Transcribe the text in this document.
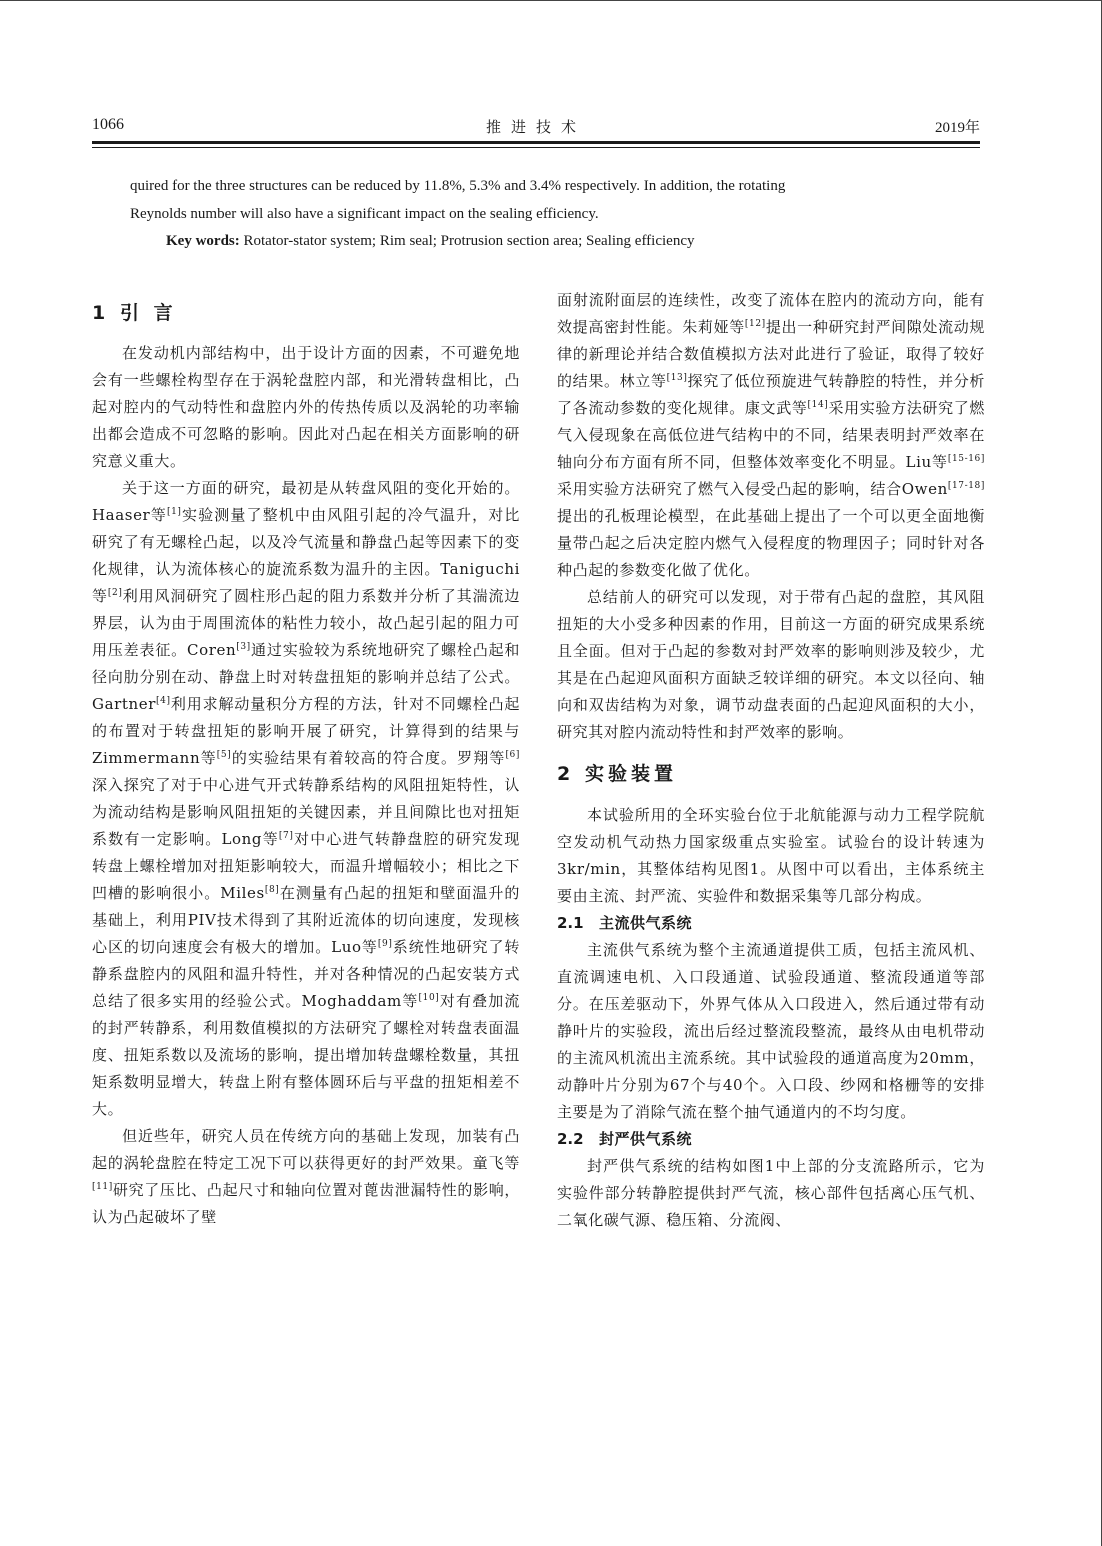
1066	推进技术	2019年

quired for the three structures can be reduced by 11.8%, 5.3% and 3.4% respectively. In addition, the rotating

Reynolds number will also have a significant impact on the sealing efficiency.

Key words: Rotator-stator system; Rim seal; Protrusion section area; Sealing efficiency
1 引 言

在发动机内部结构中，出于设计方面的因素，不可避免地会有一些螺栓构型存在于涡轮盘腔内部，和光滑转盘相比，凸起对腔内的气动特性和盘腔内外的传热传质以及涡轮的功率输出都会造成不可忽略的影响。因此对凸起在相关方面影响的研究意义重大。

关于这一方面的研究，最初是从转盘风阻的变化开始的。Haaser等[1]实验测量了整机中由风阻引起的冷气温升，对比研究了有无螺栓凸起，以及冷气流量和静盘凸起等因素下的变化规律，认为流体核心的旋流系数为温升的主因。Taniguchi等[2]利用风洞研究了圆柱形凸起的阻力系数并分析了其湍流边界层，认为由于周围流体的粘性力较小，故凸起引起的阻力可用压差表征。Coren[3]通过实验较为系统地研究了螺栓凸起和径向肋分别在动、静盘上时对转盘扭矩的影响并总结了公式。Gartner[4]利用求解动量积分方程的方法，针对不同螺栓凸起的布置对于转盘扭矩的影响开展了研究，计算得到的结果与Zimmermann等[5]的实验结果有着较高的符合度。罗翔等[6]深入探究了对于中心进气开式转静系结构的风阻扭矩特性，认为流动结构是影响风阻扭矩的关键因素，并且间隙比也对扭矩系数有一定影响。Long等[7]对中心进气转静盘腔的研究发现转盘上螺栓增加对扭矩影响较大，而温升增幅较小；相比之下凹槽的影响很小。Miles[8]在测量有凸起的扭矩和壁面温升的基础上，利用PIV技术得到了其附近流体的切向速度，发现核心区的切向速度会有极大的增加。Luo等[9]系统性地研究了转静系盘腔内的风阻和温升特性，并对各种情况的凸起安装方式总结了很多实用的经验公式。Moghaddam等[10]对有叠加流的封严转静系，利用数值模拟的方法研究了螺栓对转盘表面温度、扭矩系数以及流场的影响，提出增加转盘螺栓数量，其扭矩系数明显增大，转盘上附有整体圆环后与平盘的扭矩相差不大。

但近些年，研究人员在传统方向的基础上发现，加装有凸起的涡轮盘腔在特定工况下可以获得更好的封严效果。童飞等[11]研究了压比、凸起尺寸和轴向位置对蓖齿泄漏特性的影响，认为凸起破坏了壁

面射流附面层的连续性，改变了流体在腔内的流动方向，能有效提高密封性能。朱莉娅等[12]提出一种研究封严间隙处流动规律的新理论并结合数值模拟方法对此进行了验证，取得了较好的结果。林立等[13]探究了低位预旋进气转静腔的特性，并分析了各流动参数的变化规律。康文武等[14]采用实验方法研究了燃气入侵现象在高低位进气结构中的不同，结果表明封严效率在轴向分布方面有所不同，但整体效率变化不明显。Liu等[15-16]采用实验方法研究了燃气入侵受凸起的影响，结合Owen[17-18]提出的孔板理论模型，在此基础上提出了一个可以更全面地衡量带凸起之后决定腔内燃气入侵程度的物理因子；同时针对各种凸起的参数变化做了优化。

总结前人的研究可以发现，对于带有凸起的盘腔，其风阻扭矩的大小受多种因素的作用，目前这一方面的研究成果系统且全面。但对于凸起的参数对封严效率的影响则涉及较少，尤其是在凸起迎风面积方面缺乏较详细的研究。本文以径向、轴向和双齿结构为对象，调节动盘表面的凸起迎风面积的大小，研究其对腔内流动特性和封严效率的影响。

2 实验装置

本试验所用的全环实验台位于北航能源与动力工程学院航空发动机气动热力国家级重点实验室。试验台的设计转速为3kr/min，其整体结构见图1。从图中可以看出，主体系统主要由主流、封严流、实验件和数据采集等几部分构成。

2.1 主流供气系统

主流供气系统为整个主流通道提供工质，包括主流风机、直流调速电机、入口段通道、试验段通道、整流段通道等部分。在压差驱动下，外界气体从入口段进入，然后通过带有动静叶片的实验段，流出后经过整流段整流，最终从由电机带动的主流风机流出主流系统。其中试验段的通道高度为20mm，动静叶片分别为67个与40个。入口段、纱网和格栅等的安排主要是为了消除气流在整个抽气通道内的不均匀度。

2.2 封严供气系统

封严供气系统的结构如图1中上部的分支流路所示，它为实验件部分转静腔提供封严气流，核心部件包括离心压气机、二氧化碳气源、稳压箱、分流阀、
